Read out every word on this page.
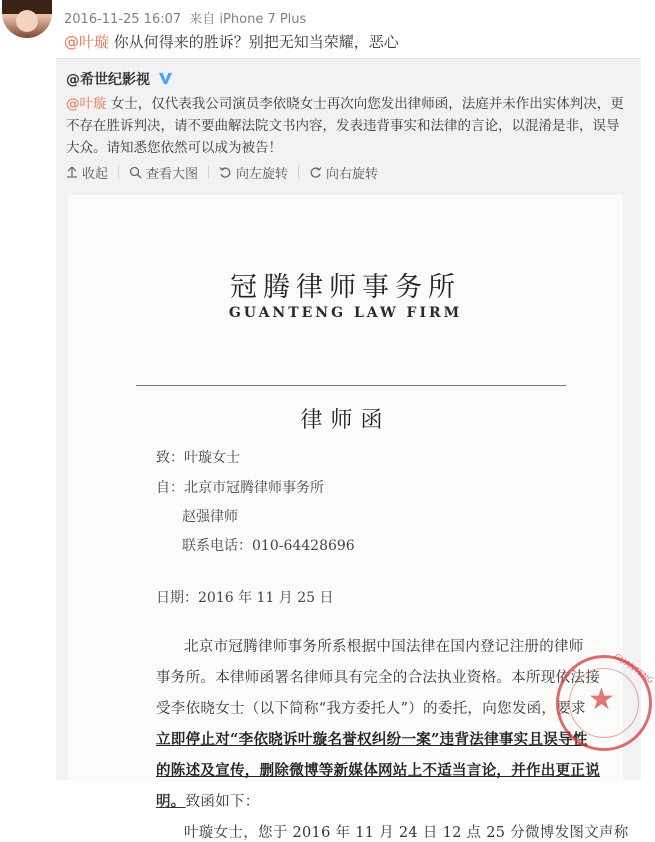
2016-11-25 16:07 来自 iPhone 7 Plus
@叶璇 你从何得来的胜诉？别把无知当荣耀，恶心
@希世纪影视
@叶璇 女士，仅代表我公司演员李依晓女士再次向您发出律师函，法庭并未作出实体判决，更不存在胜诉判决，请不要曲解法院文书内容，发表违背事实和法律的言论，以混淆是非，误导大众。请知悉您依然可以成为被告！
收起	查看大图	向左旋转	向右旋转
冠腾律师事务所
GUANTENG LAW FIRM
律师函
致：叶璇女士
自：北京市冠腾律师事务所
赵强律师
联系电话：010-64428696
日期：2016 年 11 月 25 日
北京市冠腾律师事务所系根据中国法律在国内登记注册的律师
事务所。本律师函署名律师具有完全的合法执业资格。本所现依法接
受李依晓女士（以下简称“我方委托人”）的委托，向您发函，要求
立即停止对“李依晓诉叶璇名誉权纠纷一案”违背法律事实且误导性
的陈述及宣传，删除微博等新媒体网站上不适当言论，并作出更正说
明。致函如下：
叶璇女士，您于 2016 年 11 月 24 日 12 点 25 分微博发图文声称
★
GUANTENG
